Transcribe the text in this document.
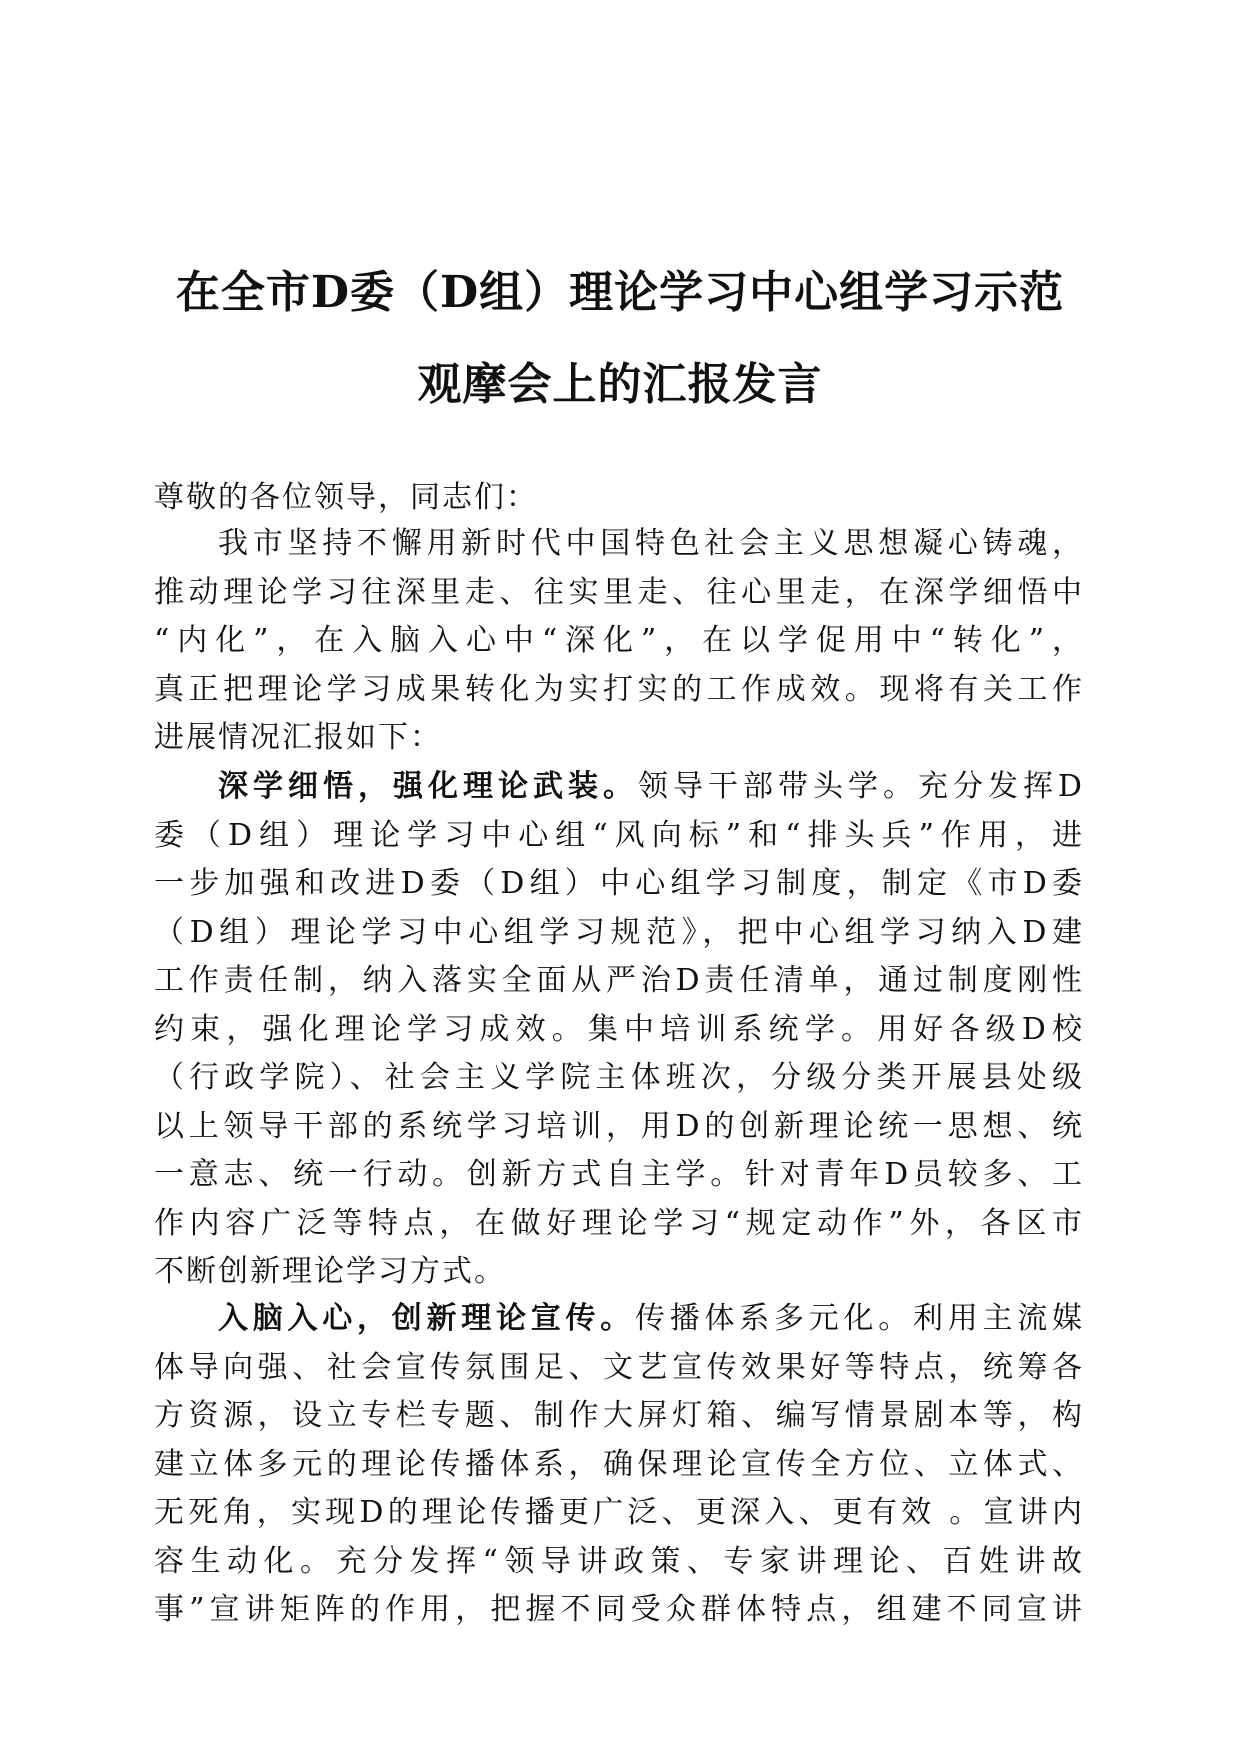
在全市D委（D组）理论学习中心组学习示范
观摩会上的汇报发言
尊敬的各位领导，同志们：
我市坚持不懈用新时代中国特色社会主义思想凝心铸魂，
推动理论学习往深里走、往实里走、往心里走，在深学细悟中
“内化”，在入脑入心中“深化”，在以学促用中“转化”，
真正把理论学习成果转化为实打实的工作成效。现将有关工作
进展情况汇报如下：
深学细悟，强化理论武装。领导干部带头学。充分发挥D
委（D组）理论学习中心组“风向标”和“排头兵”作用，进
一步加强和改进D委（D组）中心组学习制度，制定《市D委
（D组）理论学习中心组学习规范》，把中心组学习纳入D建
工作责任制，纳入落实全面从严治D责任清单，通过制度刚性
约束，强化理论学习成效。集中培训系统学。用好各级D校
（行政学院）、社会主义学院主体班次，分级分类开展县处级
以上领导干部的系统学习培训，用D的创新理论统一思想、统
一意志、统一行动。创新方式自主学。针对青年D员较多、工
作内容广泛等特点，在做好理论学习“规定动作”外，各区市
不断创新理论学习方式。
入脑入心，创新理论宣传。传播体系多元化。利用主流媒
体导向强、社会宣传氛围足、文艺宣传效果好等特点，统筹各
方资源，设立专栏专题、制作大屏灯箱、编写情景剧本等，构
建立体多元的理论传播体系，确保理论宣传全方位、立体式、
无死角，实现D的理论传播更广泛、更深入、更有效 。宣讲内
容生动化。充分发挥“领导讲政策、专家讲理论、百姓讲故
事”宣讲矩阵的作用，把握不同受众群体特点，组建不同宣讲
